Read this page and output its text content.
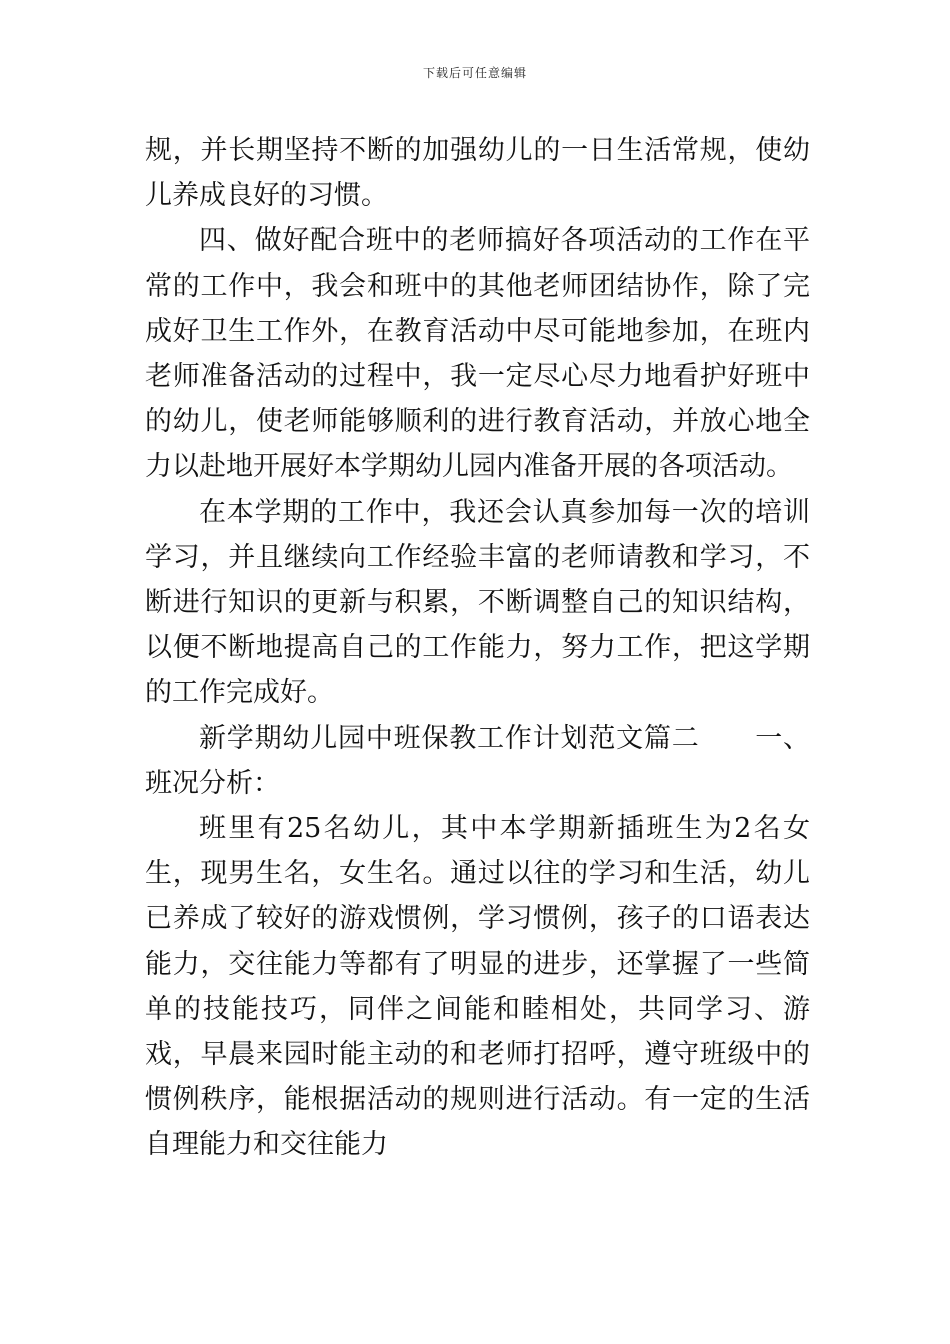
下载后可任意编辑

规，并长期坚持不断的加强幼儿的一日生活常规，使幼儿养成良好的习惯。

四、做好配合班中的老师搞好各项活动的工作在平常的工作中，我会和班中的其他老师团结协作，除了完成好卫生工作外，在教育活动中尽可能地参加，在班内老师准备活动的过程中，我一定尽心尽力地看护好班中的幼儿，使老师能够顺利的进行教育活动，并放心地全力以赴地开展好本学期幼儿园内准备开展的各项活动。

在本学期的工作中，我还会认真参加每一次的培训学习，并且继续向工作经验丰富的老师请教和学习，不断进行知识的更新与积累，不断调整自己的知识结构，以便不断地提高自己的工作能力，努力工作，把这学期的工作完成好。

新学期幼儿园中班保教工作计划范文篇二　　一、班况分析：

班里有25名幼儿，其中本学期新插班生为2名女生，现男生名，女生名。通过以往的学习和生活，幼儿已养成了较好的游戏惯例，学习惯例，孩子的口语表达能力，交往能力等都有了明显的进步，还掌握了一些简单的技能技巧，同伴之间能和睦相处，共同学习、游戏，早晨来园时能主动的和老师打招呼，遵守班级中的惯例秩序，能根据活动的规则进行活动。有一定的生活自理能力和交往能力
